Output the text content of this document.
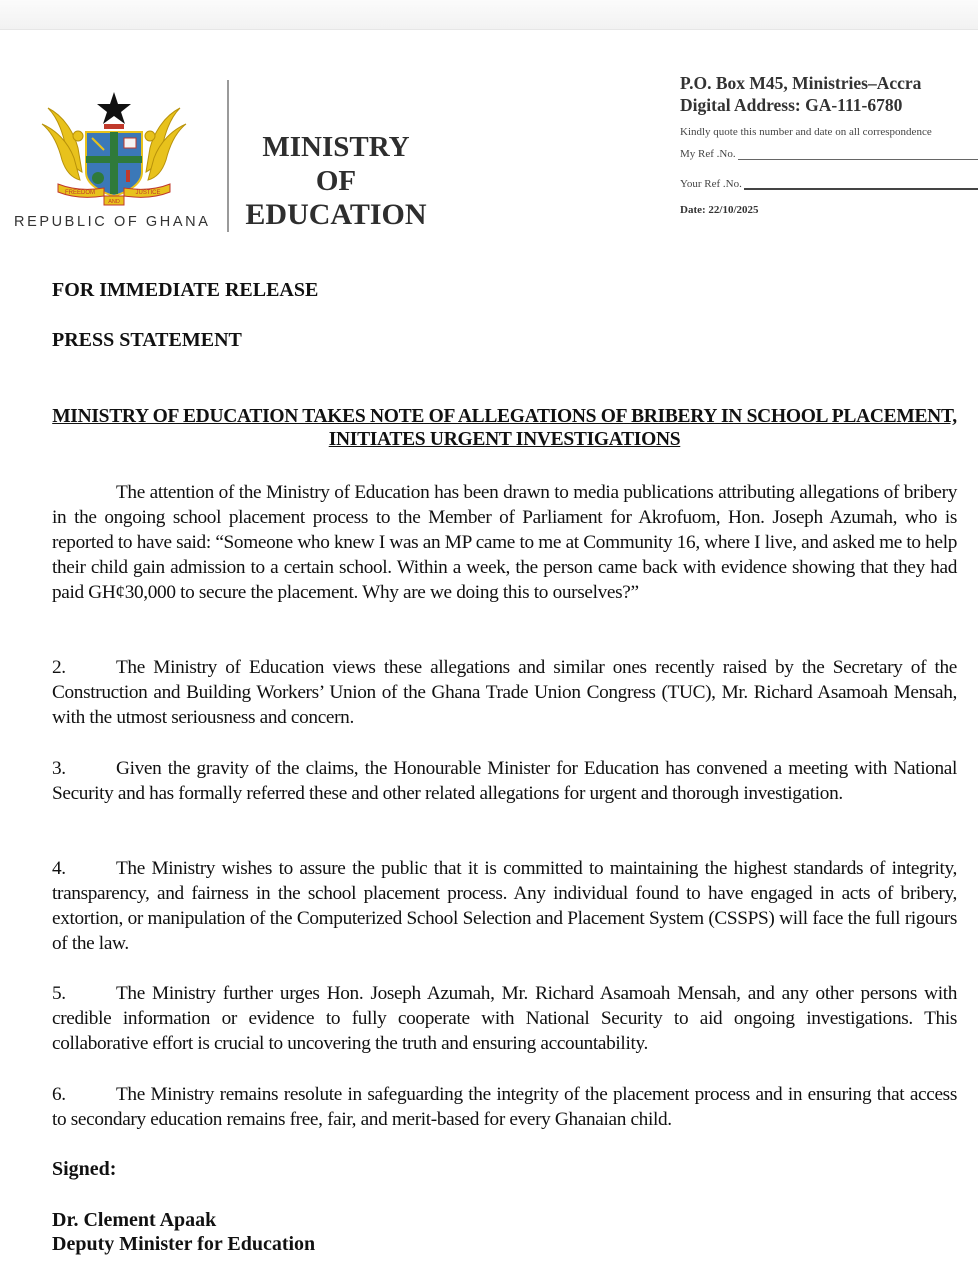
FREEDOM	JUSTICE
AND
REPUBLIC OF GHANA
MINISTRY
OF
EDUCATION
P.O. Box M45, Ministries–Accra
Digital Address: GA-111-6780
Kindly quote this number and date on all correspondence
My Ref .No.
Your Ref .No.
Date: 22/10/2025
FOR IMMEDIATE RELEASE
PRESS STATEMENT
MINISTRY OF EDUCATION TAKES NOTE OF ALLEGATIONS OF BRIBERY IN SCHOOL PLACEMENT, INITIATES URGENT INVESTIGATIONS
The attention of the Ministry of Education has been drawn to media publications attributing allegations of bribery in the ongoing school placement process to the Member of Parliament for Akrofuom, Hon. Joseph Azumah, who is reported to have said: “Someone who knew I was an MP came to me at Community 16, where I live, and asked me to help their child gain admission to a certain school. Within a week, the person came back with evidence showing that they had paid GH¢30,000 to secure the placement. Why are we doing this to ourselves?”
2.	The Ministry of Education views these allegations and similar ones recently raised by the Secretary of the Construction and Building Workers’ Union of the Ghana Trade Union Congress (TUC), Mr. Richard Asamoah Mensah, with the utmost seriousness and concern.
3.	Given the gravity of the claims, the Honourable Minister for Education has convened a meeting with National Security and has formally referred these and other related allegations for urgent and thorough investigation.
4.	The Ministry wishes to assure the public that it is committed to maintaining the highest standards of integrity, transparency, and fairness in the school placement process. Any individual found to have engaged in acts of bribery, extortion, or manipulation of the Computerized School Selection and Placement System (CSSPS) will face the full rigours of the law.
5.	The Ministry further urges Hon. Joseph Azumah, Mr. Richard Asamoah Mensah, and any other persons with credible information or evidence to fully cooperate with National Security to aid ongoing investigations. This collaborative effort is crucial to uncovering the truth and ensuring accountability.
6.	The Ministry remains resolute in safeguarding the integrity of the placement process and in ensuring that access to secondary education remains free, fair, and merit-based for every Ghanaian child.
Signed:
Dr. Clement Apaak
Deputy Minister for Education
